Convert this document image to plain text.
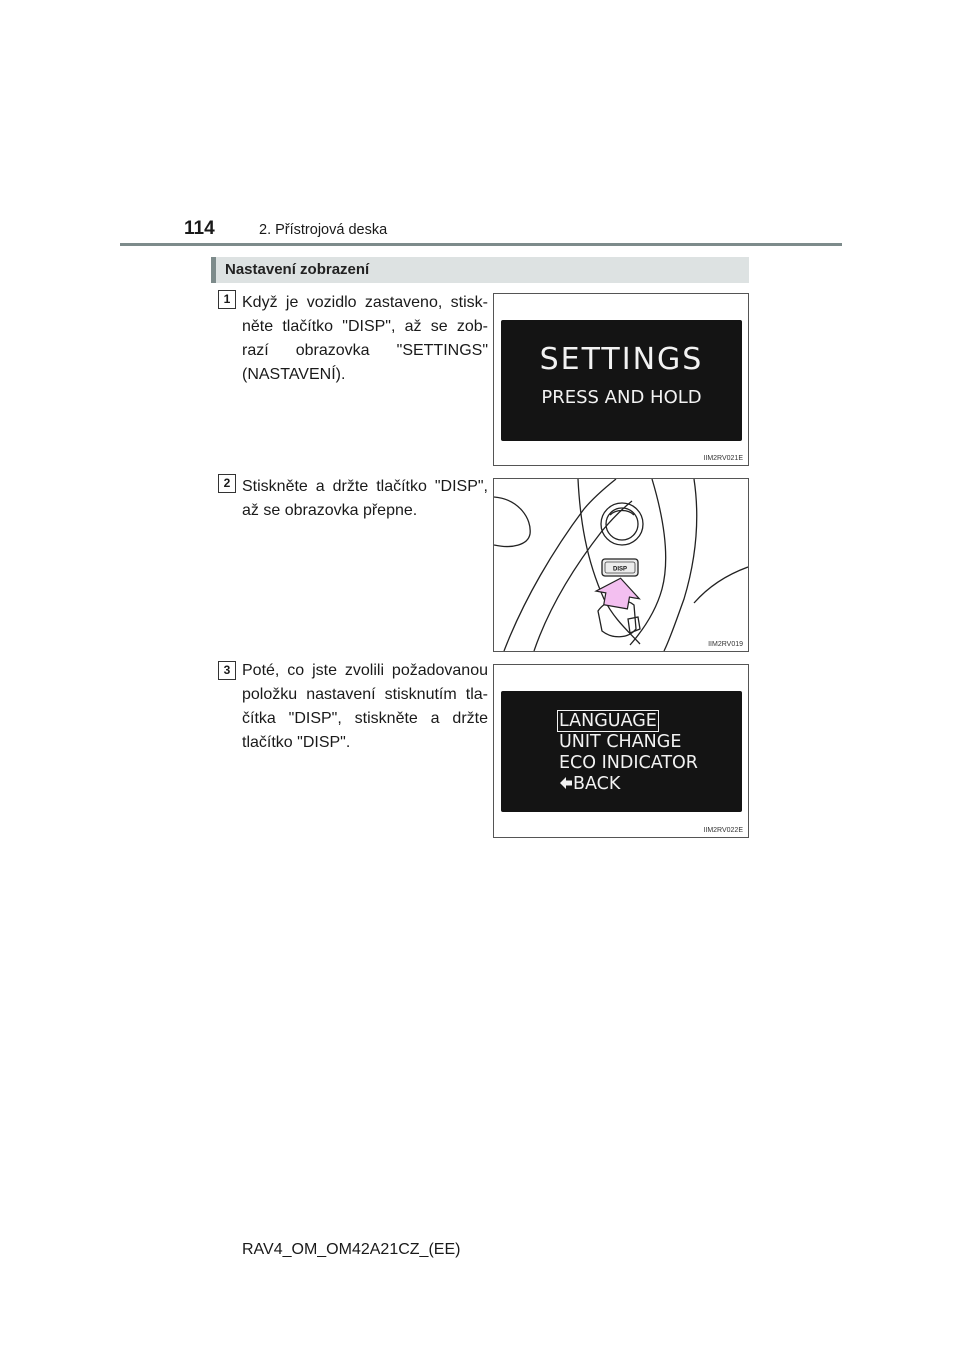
114	2. Přístrojová deska
Nastavení zobrazení
1 Když je vozidlo zastaveno, stisk-něte tlačítko "DISP", až se zob-razí obrazovka "SETTINGS" (NASTAVENÍ).	SETTINGS
PRESS AND HOLD
IIM2RV021E
2 Stiskněte a držte tlačítko "DISP", až se obrazovka přepne.
DISP
IIM2RV019
3 Poté, co jste zvolili požadovanou položku nastavení stisknutím tla-čítka "DISP", stiskněte a držte tlačítko "DISP".
LANGUAGE
UNIT CHANGE
ECO INDICATOR
BACK
IIM2RV022E
RAV4_OM_OM42A21CZ_(EE)
